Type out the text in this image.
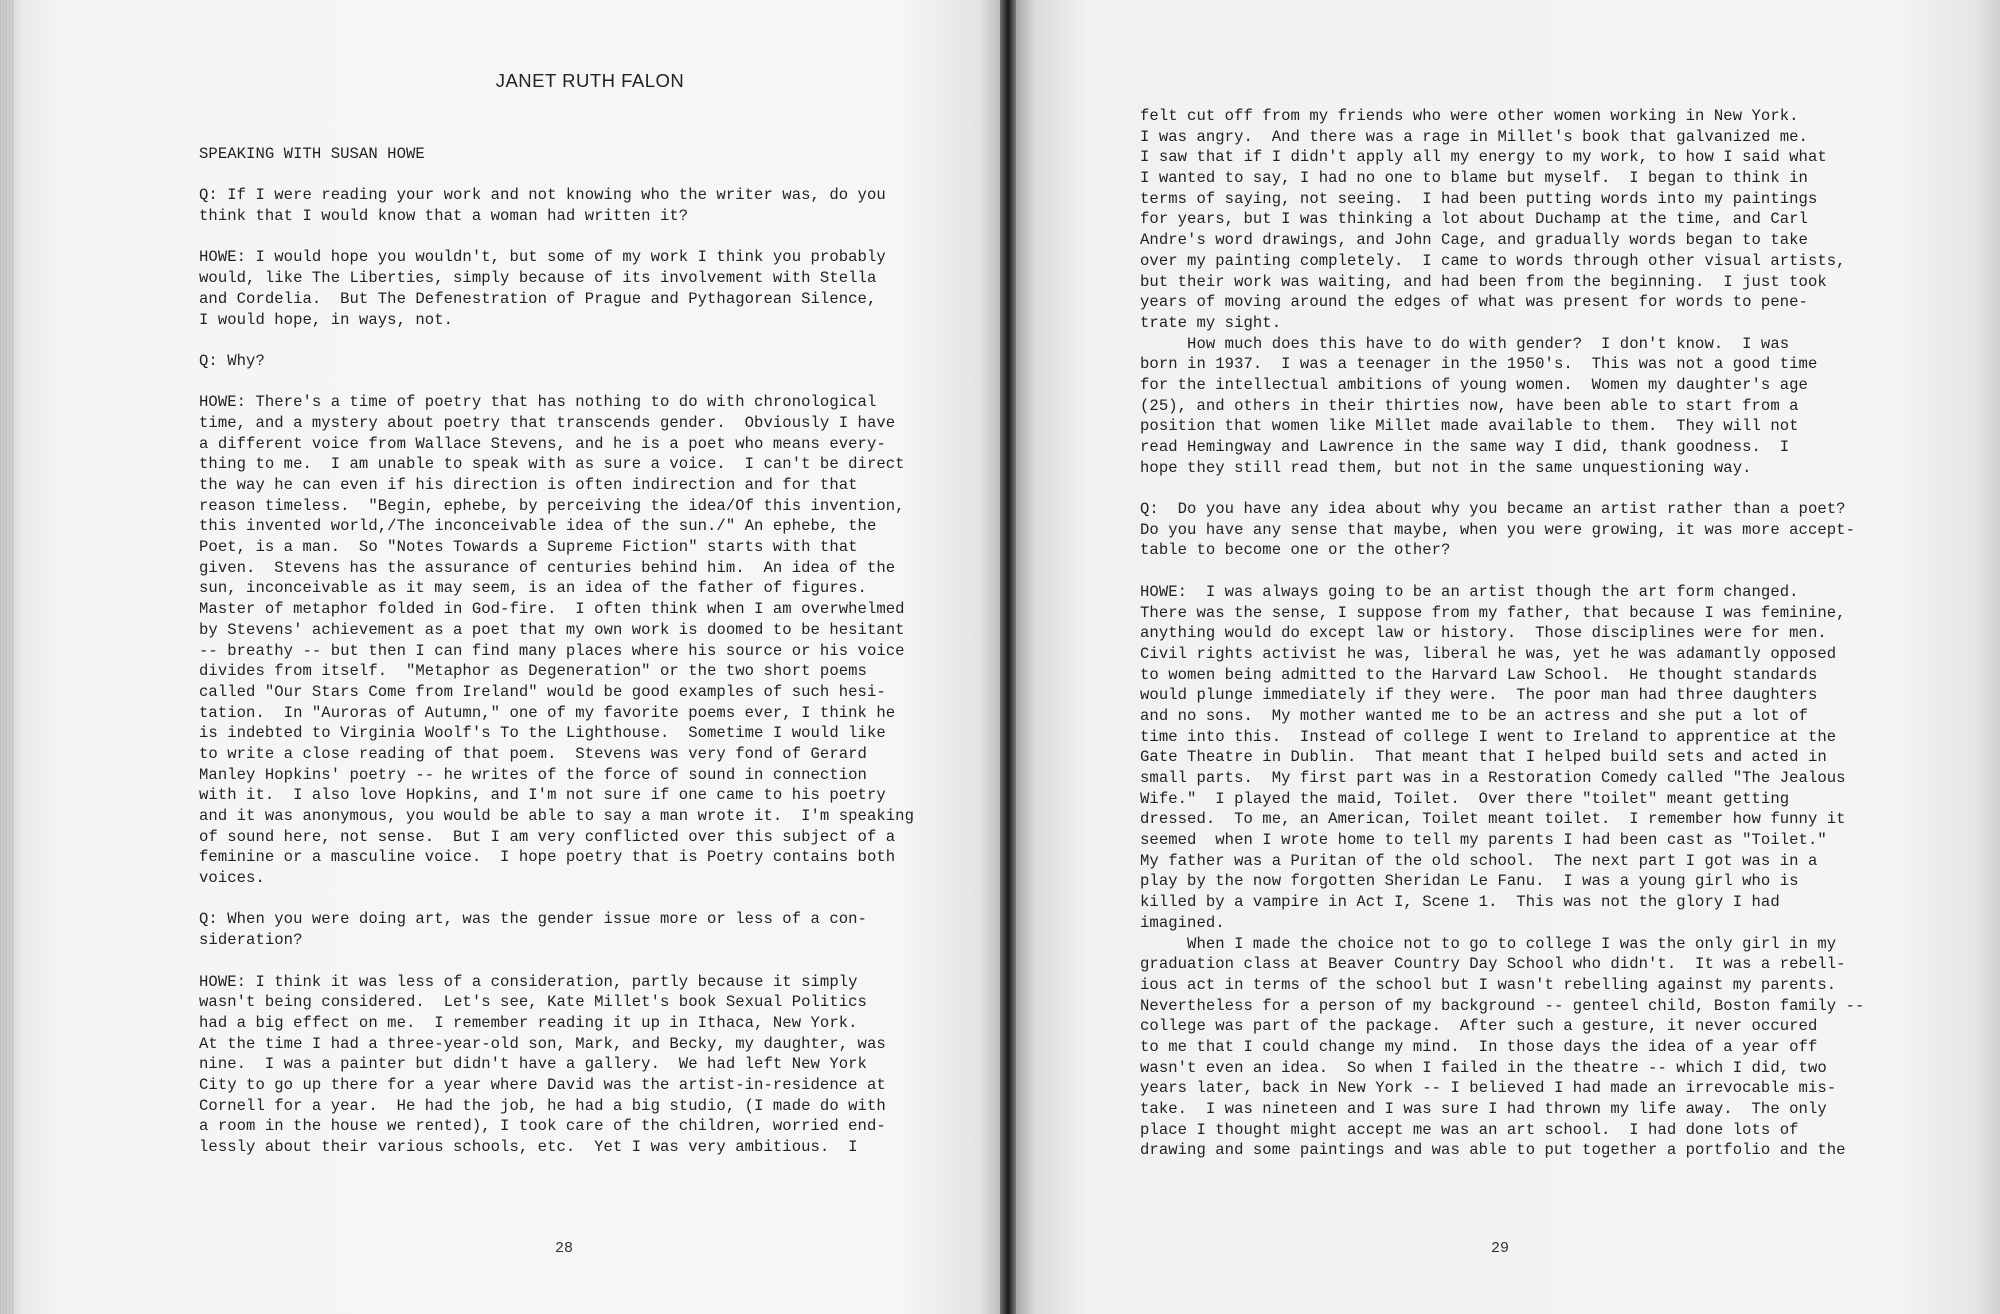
JANET RUTH FALON
SPEAKING WITH SUSAN HOWE
Q: If I were reading your work and not knowing who the writer was, do you
think that I would know that a woman had written it?
HOWE: I would hope you wouldn't, but some of my work I think you probably
would, like The Liberties, simply because of its involvement with Stella
and Cordelia.  But The Defenestration of Prague and Pythagorean Silence,
I would hope, in ways, not.
Q: Why?
HOWE: There's a time of poetry that has nothing to do with chronological
time, and a mystery about poetry that transcends gender.  Obviously I have
a different voice from Wallace Stevens, and he is a poet who means every-
thing to me.  I am unable to speak with as sure a voice.  I can't be direct
the way he can even if his direction is often indirection and for that
reason timeless.  "Begin, ephebe, by perceiving the idea/Of this invention,
this invented world,/The inconceivable idea of the sun./" An ephebe, the
Poet, is a man.  So "Notes Towards a Supreme Fiction" starts with that
given.  Stevens has the assurance of centuries behind him.  An idea of the
sun, inconceivable as it may seem, is an idea of the father of figures.
Master of metaphor folded in God-fire.  I often think when I am overwhelmed
by Stevens' achievement as a poet that my own work is doomed to be hesitant
-- breathy -- but then I can find many places where his source or his voice
divides from itself.  "Metaphor as Degeneration" or the two short poems
called "Our Stars Come from Ireland" would be good examples of such hesi-
tation.  In "Auroras of Autumn," one of my favorite poems ever, I think he
is indebted to Virginia Woolf's To the Lighthouse.  Sometime I would like
to write a close reading of that poem.  Stevens was very fond of Gerard
Manley Hopkins' poetry -- he writes of the force of sound in connection
with it.  I also love Hopkins, and I'm not sure if one came to his poetry
and it was anonymous, you would be able to say a man wrote it.  I'm speaking
of sound here, not sense.  But I am very conflicted over this subject of a
feminine or a masculine voice.  I hope poetry that is Poetry contains both
voices.
Q: When you were doing art, was the gender issue more or less of a con-
sideration?
HOWE: I think it was less of a consideration, partly because it simply
wasn't being considered.  Let's see, Kate Millet's book Sexual Politics
had a big effect on me.  I remember reading it up in Ithaca, New York.
At the time I had a three-year-old son, Mark, and Becky, my daughter, was
nine.  I was a painter but didn't have a gallery.  We had left New York
City to go up there for a year where David was the artist-in-residence at
Cornell for a year.  He had the job, he had a big studio, (I made do with
a room in the house we rented), I took care of the children, worried end-
lessly about their various schools, etc.  Yet I was very ambitious.  I
28
felt cut off from my friends who were other women working in New York.
I was angry.  And there was a rage in Millet's book that galvanized me.
I saw that if I didn't apply all my energy to my work, to how I said what
I wanted to say, I had no one to blame but myself.  I began to think in
terms of saying, not seeing.  I had been putting words into my paintings
for years, but I was thinking a lot about Duchamp at the time, and Carl
Andre's word drawings, and John Cage, and gradually words began to take
over my painting completely.  I came to words through other visual artists,
but their work was waiting, and had been from the beginning.  I just took
years of moving around the edges of what was present for words to pene-
trate my sight.
How much does this have to do with gender?  I don't know.  I was
born in 1937.  I was a teenager in the 1950's.  This was not a good time
for the intellectual ambitions of young women.  Women my daughter's age
(25), and others in their thirties now, have been able to start from a
position that women like Millet made available to them.  They will not
read Hemingway and Lawrence in the same way I did, thank goodness.  I
hope they still read them, but not in the same unquestioning way.
Q:  Do you have any idea about why you became an artist rather than a poet?
Do you have any sense that maybe, when you were growing, it was more accept-
table to become one or the other?
HOWE:  I was always going to be an artist though the art form changed.
There was the sense, I suppose from my father, that because I was feminine,
anything would do except law or history.  Those disciplines were for men.
Civil rights activist he was, liberal he was, yet he was adamantly opposed
to women being admitted to the Harvard Law School.  He thought standards
would plunge immediately if they were.  The poor man had three daughters
and no sons.  My mother wanted me to be an actress and she put a lot of
time into this.  Instead of college I went to Ireland to apprentice at the
Gate Theatre in Dublin.  That meant that I helped build sets and acted in
small parts.  My first part was in a Restoration Comedy called "The Jealous
Wife."  I played the maid, Toilet.  Over there "toilet" meant getting
dressed.  To me, an American, Toilet meant toilet.  I remember how funny it
seemed  when I wrote home to tell my parents I had been cast as "Toilet."
My father was a Puritan of the old school.  The next part I got was in a
play by the now forgotten Sheridan Le Fanu.  I was a young girl who is
killed by a vampire in Act I, Scene 1.  This was not the glory I had
imagined.
When I made the choice not to go to college I was the only girl in my
graduation class at Beaver Country Day School who didn't.  It was a rebell-
ious act in terms of the school but I wasn't rebelling against my parents.
Nevertheless for a person of my background -- genteel child, Boston family --
college was part of the package.  After such a gesture, it never occured
to me that I could change my mind.  In those days the idea of a year off
wasn't even an idea.  So when I failed in the theatre -- which I did, two
years later, back in New York -- I believed I had made an irrevocable mis-
take.  I was nineteen and I was sure I had thrown my life away.  The only
place I thought might accept me was an art school.  I had done lots of
drawing and some paintings and was able to put together a portfolio and the
29
